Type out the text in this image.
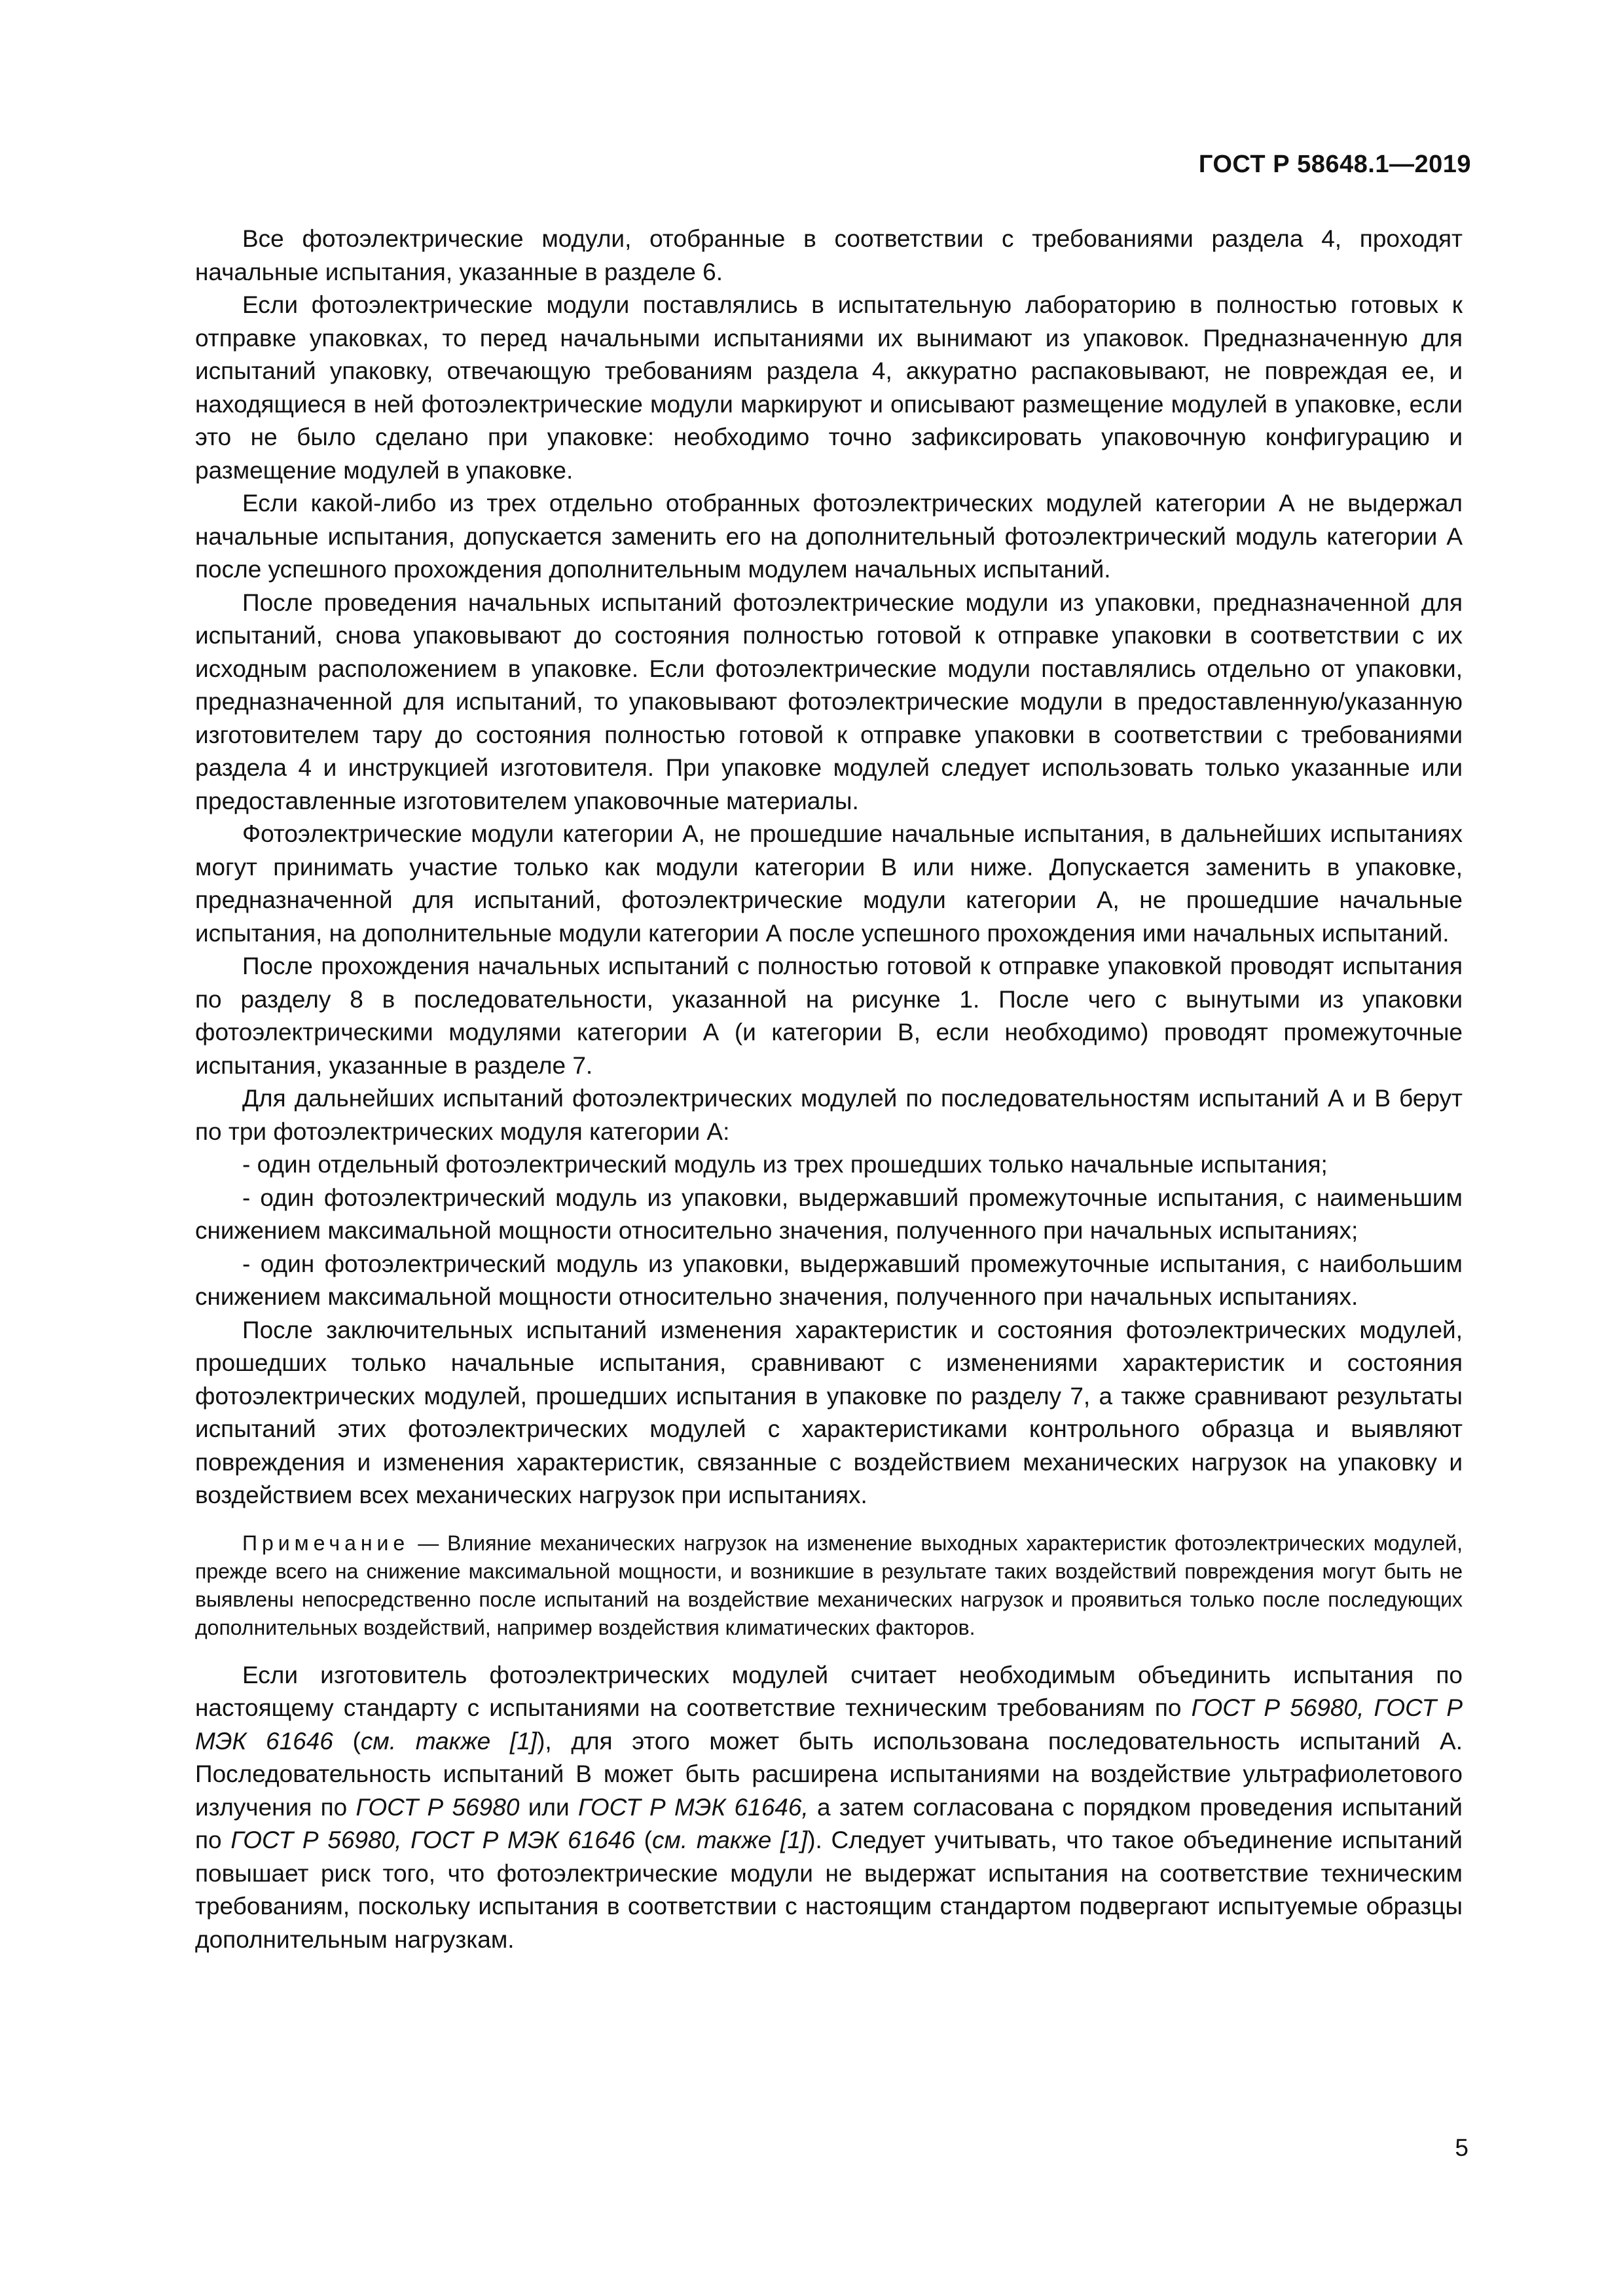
ГОСТ Р 58648.1—2019

Все фотоэлектрические модули, отобранные в соответствии с требованиями раздела 4, проходят начальные испытания, указанные в разделе 6.

Если фотоэлектрические модули поставлялись в испытательную лабораторию в полностью готовых к отправке упаковках, то перед начальными испытаниями их вынимают из упаковок. Предназначенную для испытаний упаковку, отвечающую требованиям раздела 4, аккуратно распаковывают, не повреждая ее, и находящиеся в ней фотоэлектрические модули маркируют и описывают размещение модулей в упаковке, если это не было сделано при упаковке: необходимо точно зафиксировать упаковочную конфигурацию и размещение модулей в упаковке.

Если какой-либо из трех отдельно отобранных фотоэлектрических модулей категории А не выдержал начальные испытания, допускается заменить его на дополнительный фотоэлектрический модуль категории А после успешного прохождения дополнительным модулем начальных испытаний.

После проведения начальных испытаний фотоэлектрические модули из упаковки, предназначенной для испытаний, снова упаковывают до состояния полностью готовой к отправке упаковки в соответствии с их исходным расположением в упаковке. Если фотоэлектрические модули поставлялись отдельно от упаковки, предназначенной для испытаний, то упаковывают фотоэлектрические модули в предоставленную/указанную изготовителем тару до состояния полностью готовой к отправке упаковки в соответствии с требованиями раздела 4 и инструкцией изготовителя. При упаковке модулей следует использовать только указанные или предоставленные изготовителем упаковочные материалы.

Фотоэлектрические модули категории А, не прошедшие начальные испытания, в дальнейших испытаниях могут принимать участие только как модули категории В или ниже. Допускается заменить в упаковке, предназначенной для испытаний, фотоэлектрические модули категории А, не прошедшие начальные испытания, на дополнительные модули категории А после успешного прохождения ими начальных испытаний.

После прохождения начальных испытаний с полностью готовой к отправке упаковкой проводят испытания по разделу 8 в последовательности, указанной на рисунке 1. После чего с вынутыми из упаковки фотоэлектрическими модулями категории А (и категории В, если необходимо) проводят промежуточные испытания, указанные в разделе 7.

Для дальнейших испытаний фотоэлектрических модулей по последовательностям испытаний А и В берут по три фотоэлектрических модуля категории А:

- один отдельный фотоэлектрический модуль из трех прошедших только начальные испытания;

- один фотоэлектрический модуль из упаковки, выдержавший промежуточные испытания, с наименьшим снижением максимальной мощности относительно значения, полученного при начальных испытаниях;

- один фотоэлектрический модуль из упаковки, выдержавший промежуточные испытания, с наибольшим снижением максимальной мощности относительно значения, полученного при начальных испытаниях.

После заключительных испытаний изменения характеристик и состояния фотоэлектрических модулей, прошедших только начальные испытания, сравнивают с изменениями характеристик и состояния фотоэлектрических модулей, прошедших испытания в упаковке по разделу 7, а также сравнивают результаты испытаний этих фотоэлектрических модулей с характеристиками контрольного образца и выявляют повреждения и изменения характеристик, связанные с воздействием механических нагрузок на упаковку и воздействием всех механических нагрузок при испытаниях.

Примечание — Влияние механических нагрузок на изменение выходных характеристик фотоэлектрических модулей, прежде всего на снижение максимальной мощности, и возникшие в результате таких воздействий повреждения могут быть не выявлены непосредственно после испытаний на воздействие механических нагрузок и проявиться только после последующих дополнительных воздействий, например воздействия климатических факторов.

Если изготовитель фотоэлектрических модулей считает необходимым объединить испытания по настоящему стандарту с испытаниями на соответствие техническим требованиям по ГОСТ Р 56980, ГОСТ Р МЭК 61646 (см. также [1]), для этого может быть использована последовательность испытаний А. Последовательность испытаний В может быть расширена испытаниями на воздействие ультрафиолетового излучения по ГОСТ Р 56980 или ГОСТ Р МЭК 61646, а затем согласована с порядком проведения испытаний по ГОСТ Р 56980, ГОСТ Р МЭК 61646 (см. также [1]). Следует учитывать, что такое объединение испытаний повышает риск того, что фотоэлектрические модули не выдержат испытания на соответствие техническим требованиям, поскольку испытания в соответствии с настоящим стандартом подвергают испытуемые образцы дополнительным нагрузкам.

5
